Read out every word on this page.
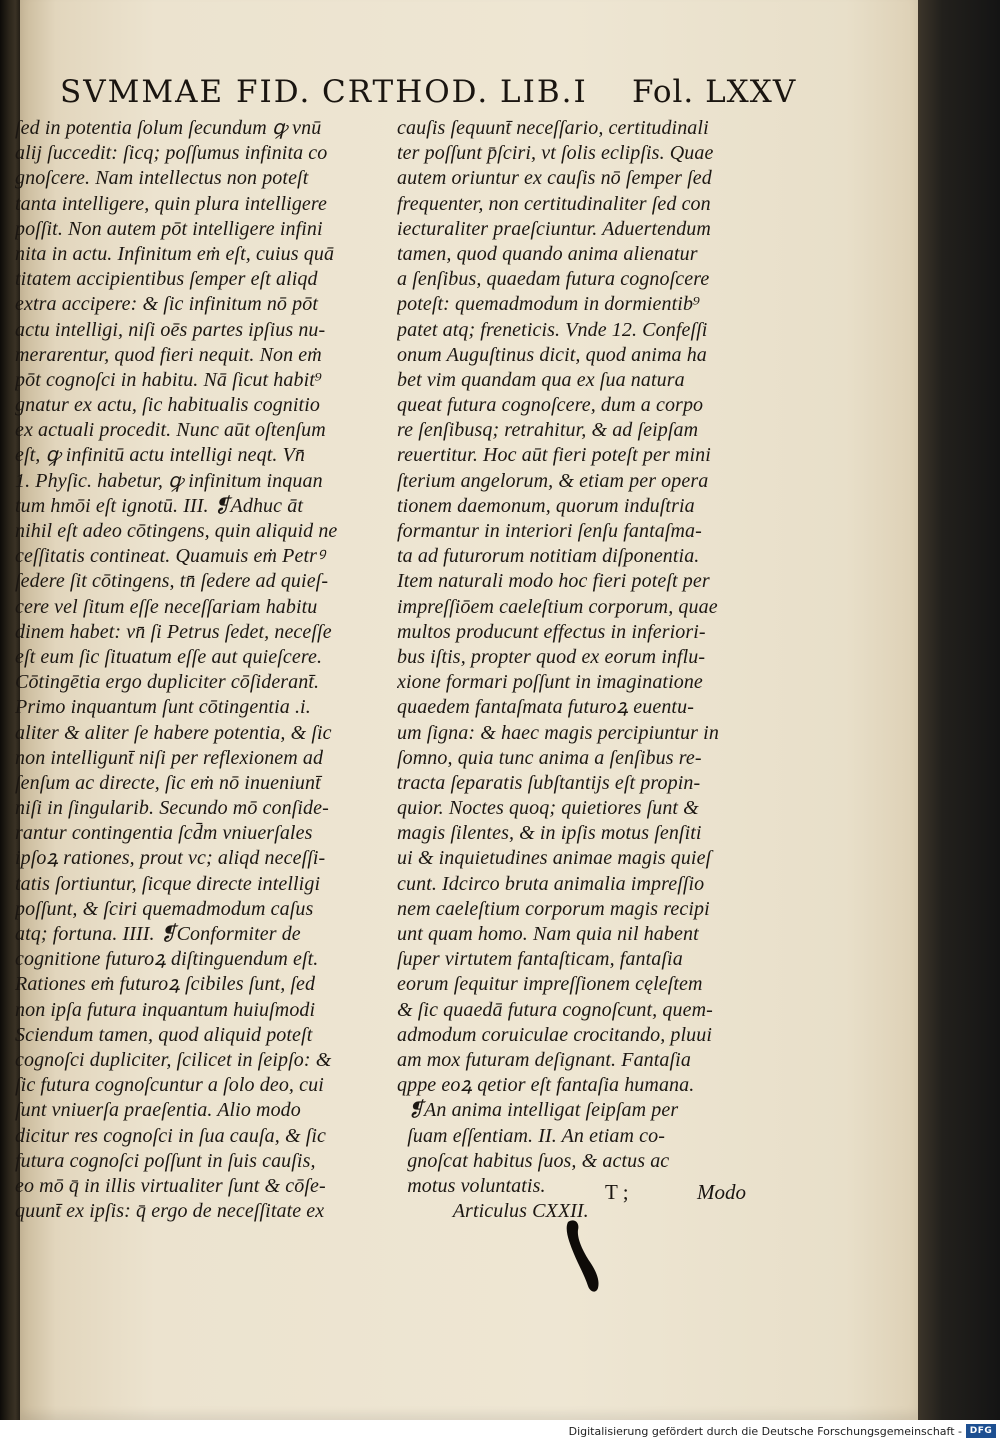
SVMMAE FID. CRTHOD. LIB.I Fol. LXXV
ſed in potentia ſolum ſecundum ꝙ vnū
alij ſuccedit: ſicq; poſſumus infinita co
gnoſcere. Nam intellectus non poteſt
tanta intelligere, quin plura intelligere
poſſit. Non autem pōt intelligere infini
nita in actu. Infinitum eṁ eſt, cuius quā
titatem accipientibus ſemper eſt aliqd
extra accipere: & ſic infinitum nō pōt
actu intelligi, niſi oēs partes ipſius nu-
merarentur, quod fieri nequit. Non eṁ
pōt cognoſci in habitu. Nā ſicut habit⁹
gnatur ex actu, ſic habitualis cognitio
ex actuali procedit. Nunc aūt oſtenſum
eſt, ꝙ infinitū actu intelligi neqt. Vn̄
1. Phyſic. habetur, ꝙ infinitum inquan
tum hmōi eſt ignotū. III. ❡Adhuc āt
nihil eſt adeo cōtingens, quin aliquid ne
ceſſitatis contineat. Quamuis eṁ Petrꝰ
ſedere ſit cōtingens, tn̄ ſedere ad quieſ-
cere vel ſitum eſſe neceſſariam habitu
dinem habet: vn̄ ſi Petrus ſedet, neceſſe
eſt eum ſic ſituatum eſſe aut quieſcere.
Cōtingētia ergo dupliciter cōſiderant̄.
Primo inquantum ſunt cōtingentia .i.
aliter & aliter ſe habere potentia, & ſic
non intelligunt̄ niſi per reflexionem ad
ſenſum ac directe, ſic eṁ nō inueniunt̄
niſi in ſingularib. Secundo mō conſide-
rantur contingentia ſcd̄m vniuerſales
ipſoꝝ rationes, prout vc; aliqd neceſſi-
tatis ſortiuntur, ſicque directe intelligi
poſſunt, & ſciri quemadmodum caſus
atq; fortuna. IIII. ❡Conformiter de
cognitione futuroꝝ diſtinguendum eſt.
Rationes eṁ futuroꝝ ſcibiles ſunt, ſed
non ipſa futura inquantum huiuſmodi
Sciendum tamen, quod aliquid poteſt
cognoſci dupliciter, ſcilicet in ſeipſo: &
ſic futura cognoſcuntur a ſolo deo, cui
ſunt vniuerſa praeſentia. Alio modo
dicitur res cognoſci in ſua cauſa, & ſic
futura cognoſci poſſunt in ſuis cauſis,
eo mō q̄ in illis virtualiter ſunt & cōſe-
quunt̄ ex ipſis: q̄ ergo de neceſſitate ex
cauſis ſequunt̄ neceſſario, certitudinali
ter poſſunt p̄ſciri, vt ſolis eclipſis. Quae
autem oriuntur ex cauſis nō ſemper ſed
frequenter, non certitudinaliter ſed con
iecturaliter praeſciuntur. Aduertendum
tamen, quod quando anima alienatur
a ſenſibus, quaedam futura cognoſcere
poteſt: quemadmodum in dormientib⁹
patet atq; freneticis. Vnde 12. Confeſſi
onum Auguſtinus dicit, quod anima ha
bet vim quandam qua ex ſua natura
queat futura cognoſcere, dum a corpo
re ſenſibusq; retrahitur, & ad ſeipſam
reuertitur. Hoc aūt fieri poteſt per mini
ſterium angelorum, & etiam per opera
tionem daemonum, quorum induſtria
formantur in interiori ſenſu fantaſma-
ta ad futurorum notitiam diſponentia.
Item naturali modo hoc fieri poteſt per
impreſſiōem caeleſtium corporum, quae
multos producunt effectus in inferiori-
bus iſtis, propter quod ex eorum influ-
xione formari poſſunt in imaginatione
quaedem fantaſmata futuroꝝ euentu-
um ſigna: & haec magis percipiuntur in
ſomno, quia tunc anima a ſenſibus re-
tracta ſeparatis ſubſtantijs eſt propin-
quior. Noctes quoq; quietiores ſunt &
magis ſilentes, & in ipſis motus ſenſiti
ui & inquietudines animae magis quieſ
cunt. Idcirco bruta animalia impreſſio
nem caeleſtium corporum magis recipi
unt quam homo. Nam quia nil habent
ſuper virtutem fantaſticam, fantaſia
eorum ſequitur impreſſionem cęleſtem
& ſic quaedā futura cognoſcunt, quem-
admodum coruiculae crocitando, pluui
am mox futuram deſignant. Fantaſia
qppe eoꝝ qetior eſt fantaſia humana.
❡An anima intelligat ſeipſam per
ſuam eſſentiam. II. An etiam co-
gnoſcat habitus ſuos, & actus ac
motus voluntatis.
Articulus CXXII.
T ;	Modo
Digitalisierung gefördert durch die Deutsche Forschungsgemeinschaft - DFG
